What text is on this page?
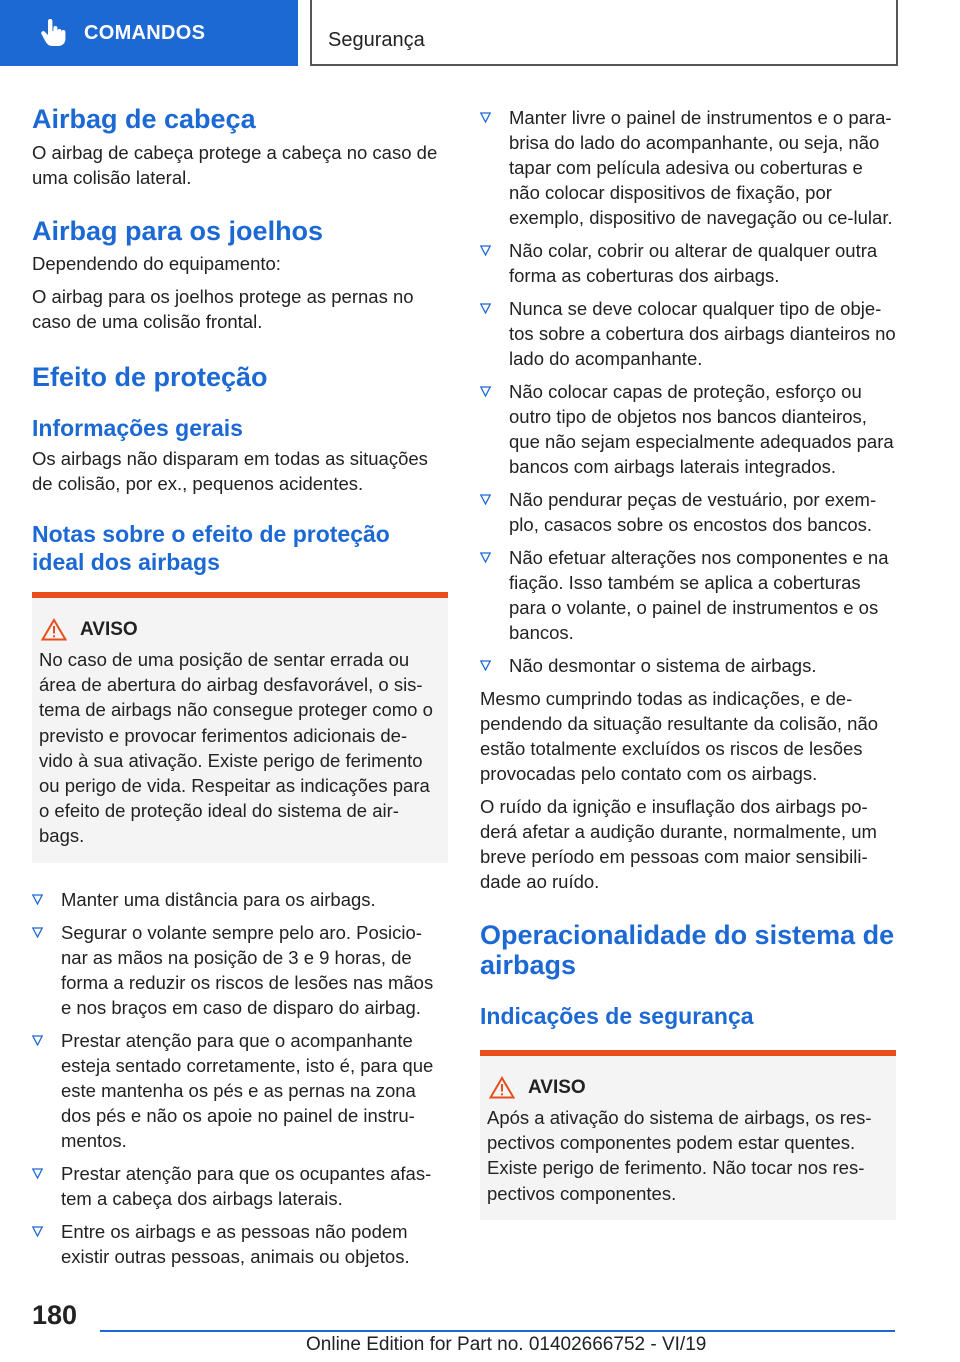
COMANDOS	Segurança
Airbag de cabeça

O airbag de cabeça protege a cabeça no caso de uma colisão lateral.

Airbag para os joelhos

Dependendo do equipamento:

O airbag para os joelhos protege as pernas no caso de uma colisão frontal.

Efeito de proteção
Informações gerais

Os airbags não disparam em todas as situações de colisão, por ex., pequenos acidentes.

Notas sobre o efeito de proteção ideal dos airbags
AVISO

No caso de uma posição de sentar errada ou área de abertura do airbag desfavorável, o sis-tema de airbags não consegue proteger como o previsto e provocar ferimentos adicionais de-vido à sua ativação. Existe perigo de ferimento ou perigo de vida. Respeitar as indicações para o efeito de proteção ideal do sistema de air-bags.

Manter uma distância para os airbags.
Segurar o volante sempre pelo aro. Posicio-nar as mãos na posição de 3 e 9 horas, de forma a reduzir os riscos de lesões nas mãos e nos braços em caso de disparo do airbag.
Prestar atenção para que o acompanhante esteja sentado corretamente, isto é, para que este mantenha os pés e as pernas na zona dos pés e não os apoie no painel de instru-mentos.
Prestar atenção para que os ocupantes afas-tem a cabeça dos airbags laterais.
Entre os airbags e as pessoas não podem existir outras pessoas, animais ou objetos.
Manter livre o painel de instrumentos e o para-brisa do lado do acompanhante, ou seja, não tapar com película adesiva ou coberturas e não colocar dispositivos de fixação, por exemplo, dispositivo de navegação ou ce-lular.
Não colar, cobrir ou alterar de qualquer outra forma as coberturas dos airbags.
Nunca se deve colocar qualquer tipo de obje-tos sobre a cobertura dos airbags dianteiros no lado do acompanhante.
Não colocar capas de proteção, esforço ou outro tipo de objetos nos bancos dianteiros, que não sejam especialmente adequados para bancos com airbags laterais integrados.
Não pendurar peças de vestuário, por exem-plo, casacos sobre os encostos dos bancos.
Não efetuar alterações nos componentes e na fiação. Isso também se aplica a coberturas para o volante, o painel de instrumentos e os bancos.
Não desmontar o sistema de airbags.

Mesmo cumprindo todas as indicações, e de-pendendo da situação resultante da colisão, não estão totalmente excluídos os riscos de lesões provocadas pelo contato com os airbags.

O ruído da ignição e insuflação dos airbags po-derá afetar a audição durante, normalmente, um breve período em pessoas com maior sensibili-dade ao ruído.

Operacionalidade do sistema de airbags
Indicações de segurança
AVISO

Após a ativação do sistema de airbags, os res-pectivos componentes podem estar quentes. Existe perigo de ferimento. Não tocar nos res-pectivos componentes.

180
Online Edition for Part no. 01402666752 - VI/19
